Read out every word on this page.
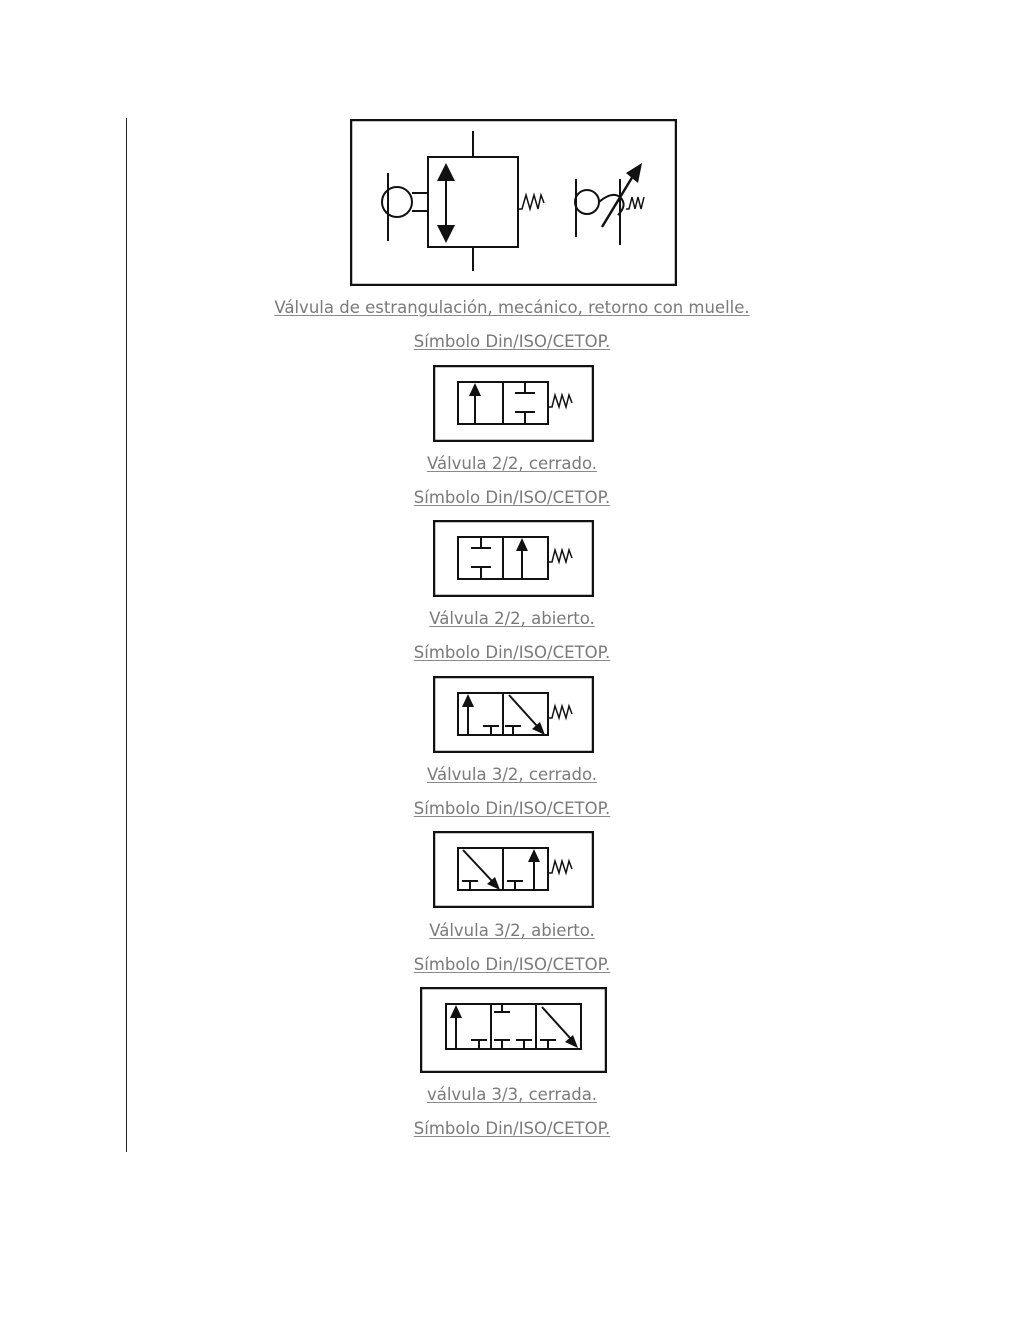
Válvula de estrangulación, mecánico, retorno con muelle.
Símbolo Din/ISO/CETOP.
Válvula 2/2, cerrado.
Símbolo Din/ISO/CETOP.
Válvula 2/2, abierto.
Símbolo Din/ISO/CETOP.
Válvula 3/2, cerrado.
Símbolo Din/ISO/CETOP.
Válvula 3/2, abierto.
Símbolo Din/ISO/CETOP.
válvula 3/3, cerrada.
Símbolo Din/ISO/CETOP.
